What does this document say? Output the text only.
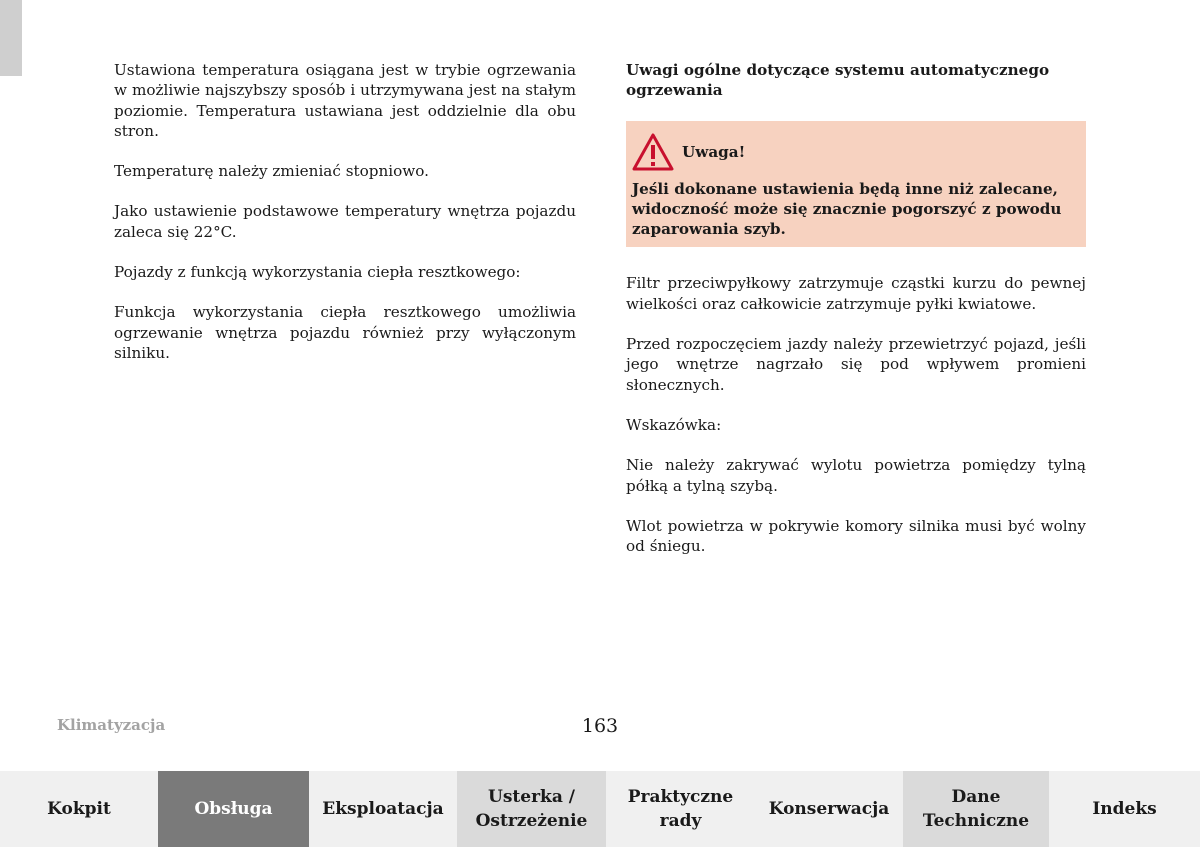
Ustawiona temperatura osiągana jest w trybie ogrzewania w możliwie najszybszy sposób i utrzymywana jest na stałym poziomie. Temperatura ustawiana jest oddzielnie dla obu stron.

Temperaturę należy zmieniać stopniowo.

Jako ustawienie podstawowe temperatury wnętrza pojazdu zaleca się 22°C.

Pojazdy z funkcją wykorzystania ciepła resztkowego:

Funkcja wykorzystania ciepła resztkowego umożliwia ogrzewanie wnętrza pojazdu również przy wyłączonym silniku.

Uwagi ogólne dotyczące systemu automatycznego ogrzewania

Uwaga!

Jeśli dokonane ustawienia będą inne niż zalecane, widoczność może się znacznie pogorszyć z powodu zaparowania szyb.

Filtr przeciwpyłkowy zatrzymuje cząstki kurzu do pewnej wielkości oraz całkowicie zatrzymuje pyłki kwiatowe.

Przed rozpoczęciem jazdy należy przewietrzyć pojazd, jeśli jego wnętrze nagrzało się pod wpływem promieni słonecznych.

Wskazówka:

Nie należy zakrywać wylotu powietrza pomiędzy tylną półką a tylną szybą.

Wlot powietrza w pokrywie komory silnika musi być wolny od śniegu.

Klimatyzacja	163
Kokpit	Obsługa	Eksploatacja
Usterka /
Ostrzeżenie
Praktyczne
rady
Konserwacja
Dane
Techniczne
Indeks
